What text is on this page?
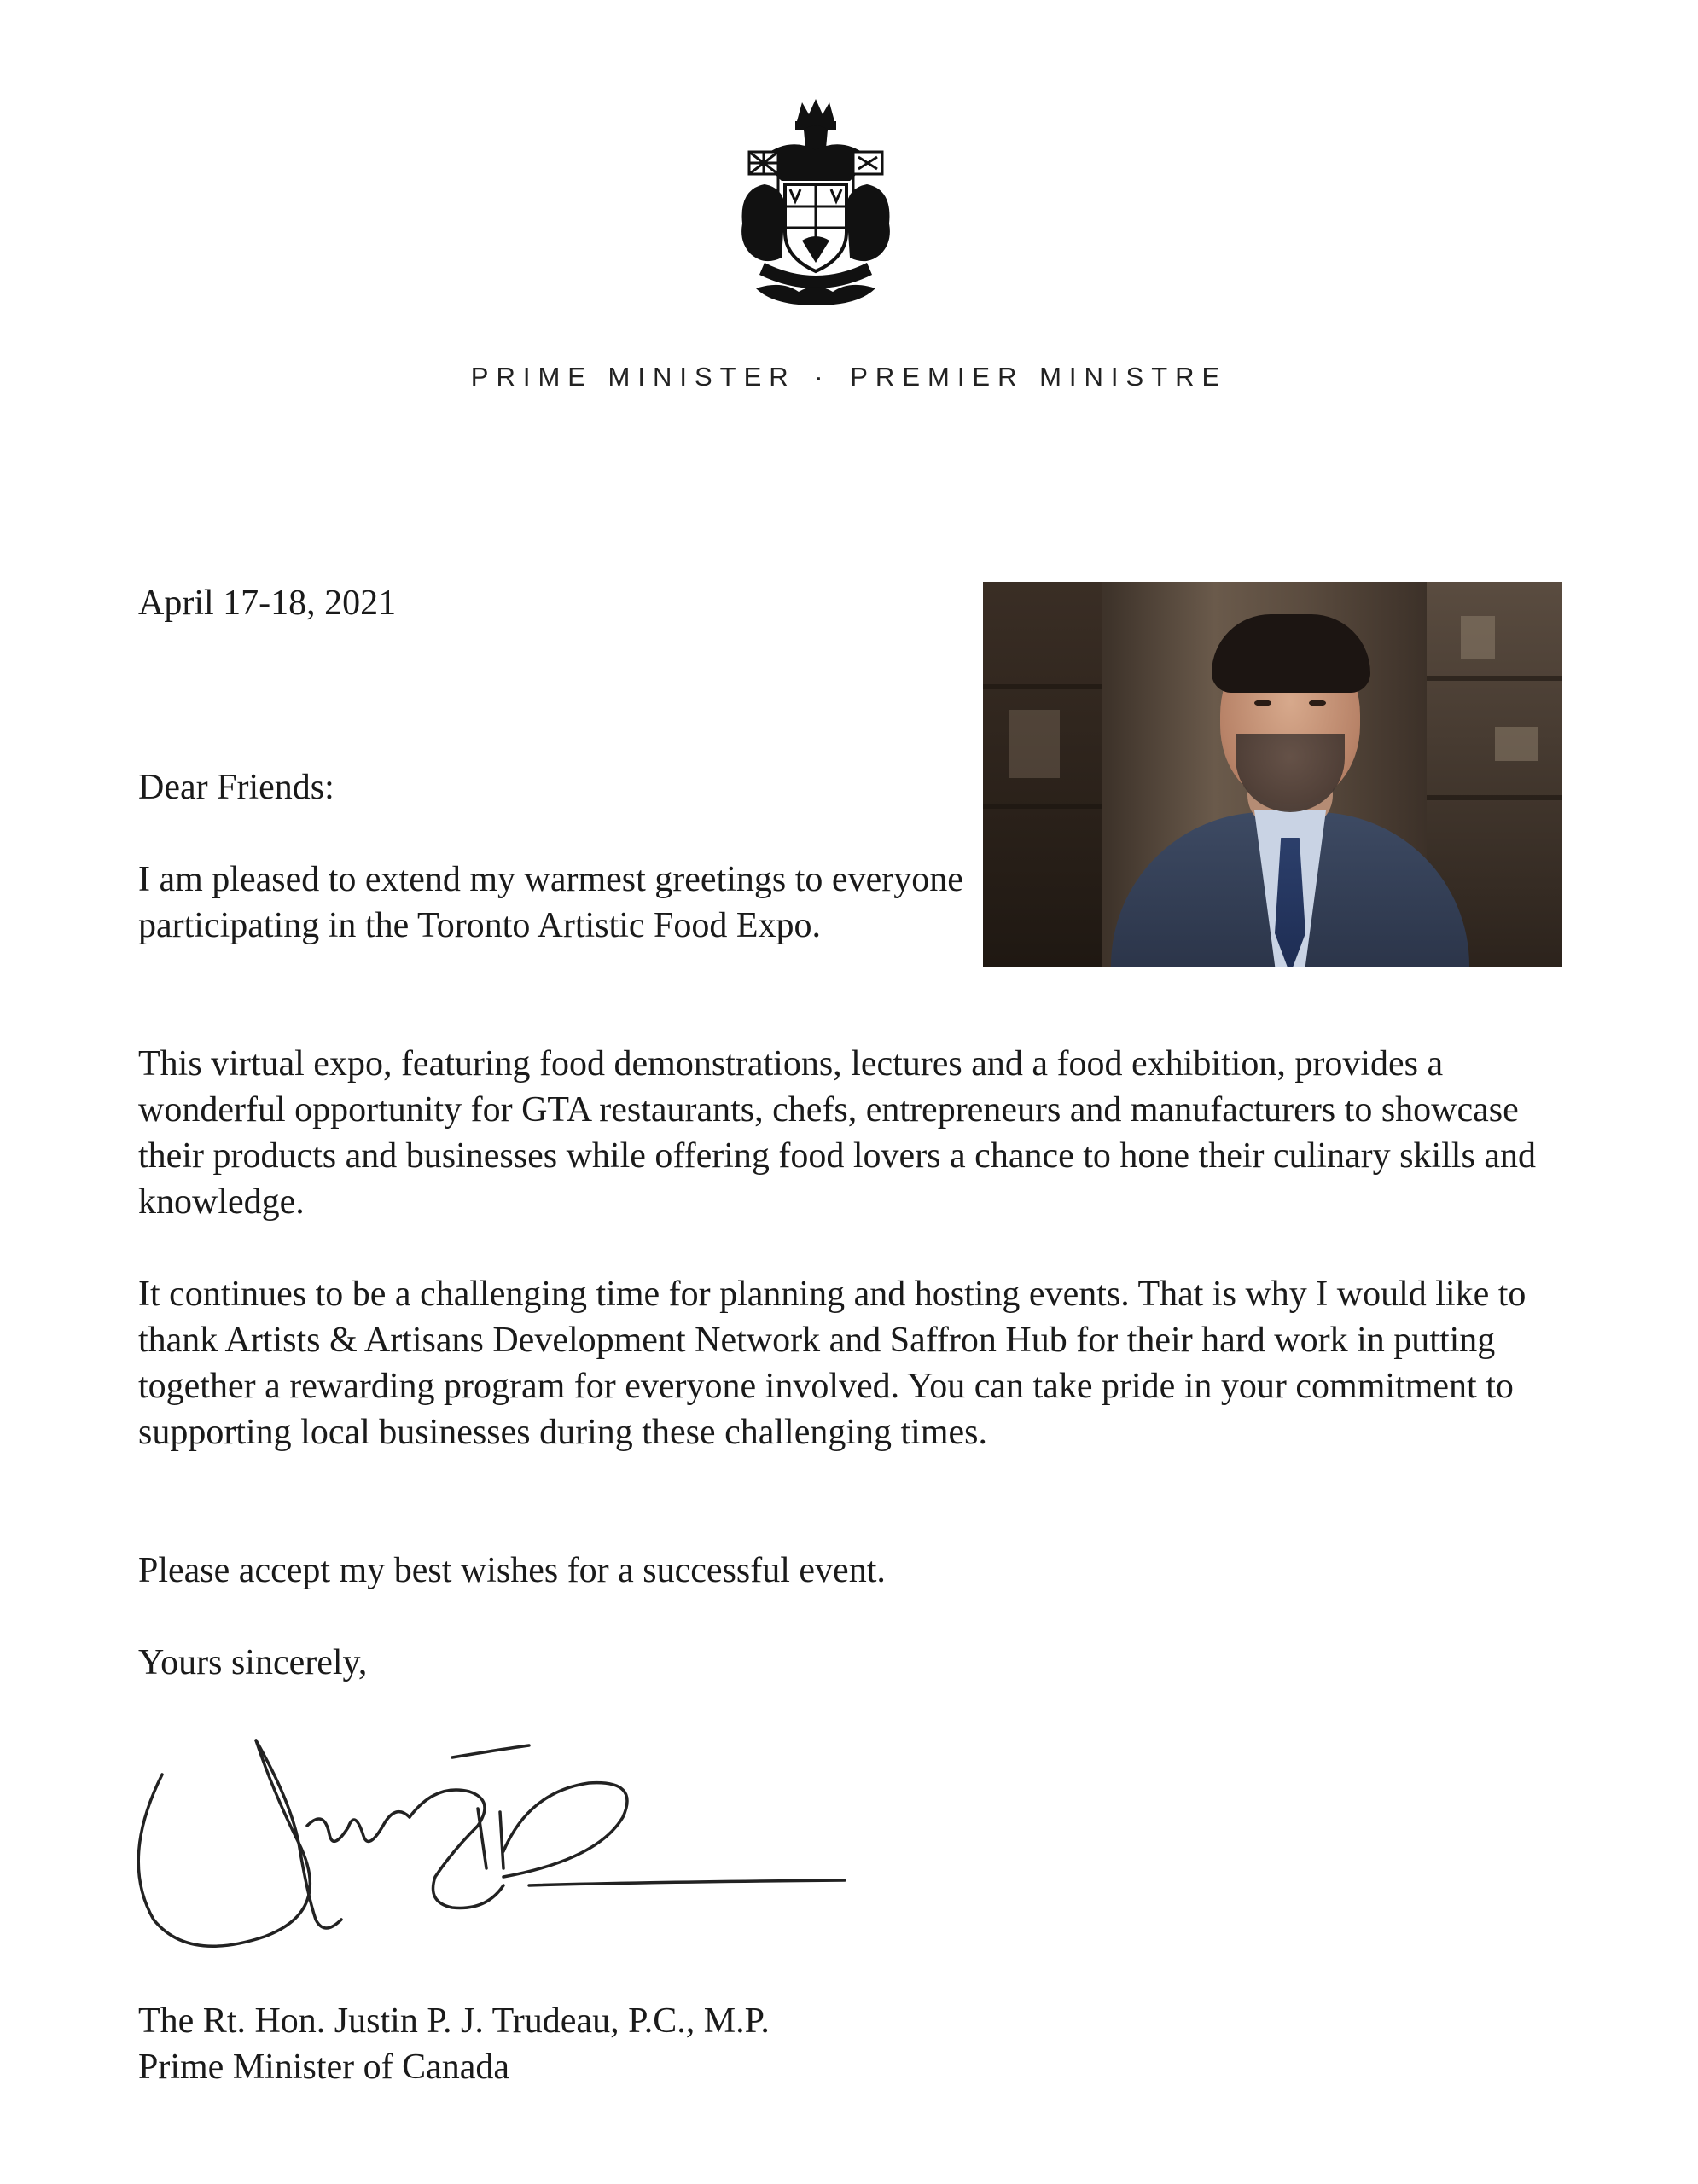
PRIME MINISTER · PREMIER MINISTRE
April 17-18, 2021
Dear Friends:
I am pleased to extend my warmest greetings to everyone participating in the Toronto Artistic Food Expo.
This virtual expo, featuring food demonstrations, lectures and a food exhibition, provides a wonderful opportunity for GTA restaurants, chefs, entrepreneurs and manufacturers to showcase their products and businesses while offering food lovers a chance to hone their culinary skills and knowledge.
It continues to be a challenging time for planning and hosting events. That is why I would like to thank Artists & Artisans Development Network and Saffron Hub for their hard work in putting together a rewarding program for everyone involved. You can take pride in your commitment to supporting local businesses during these challenging times.
Please accept my best wishes for a successful event.
Yours sincerely,
The Rt. Hon. Justin P. J. Trudeau, P.C., M.P.
Prime Minister of Canada
